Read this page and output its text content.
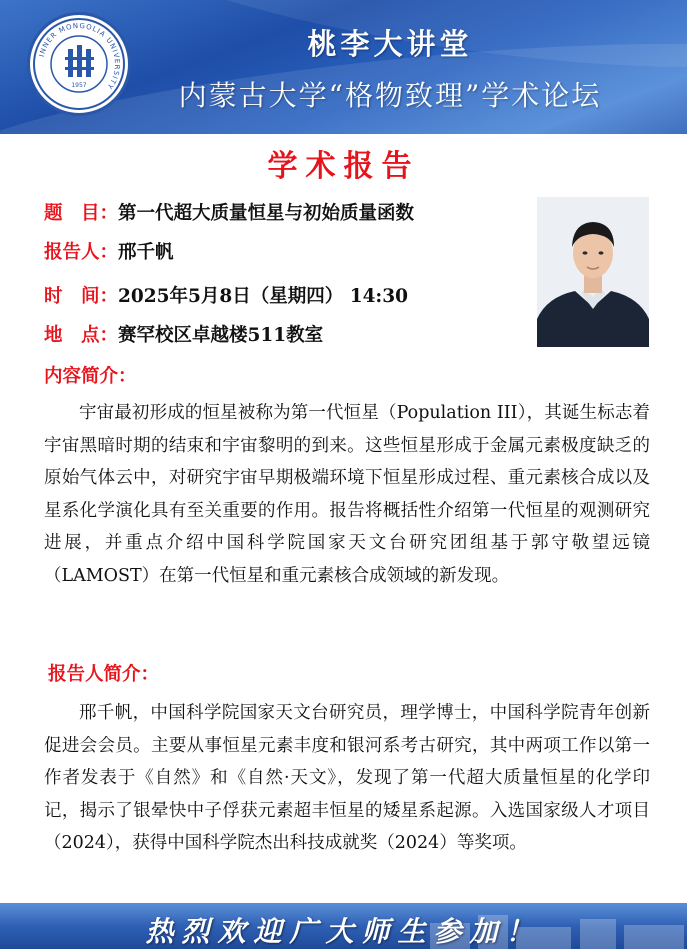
INNER MONGOLIA UNIVERSITY
1957
桃李大讲堂
内蒙古大学“格物致理”学术论坛
学术报告
题　目：第一代超大质量恒星与初始质量函数
报告人：邢千帆
时　间：2025年5月8日（星期四） 14:30
地　点：赛罕校区卓越楼511教室
内容简介：
宇宙最初形成的恒星被称为第一代恒星（Population III），其诞生标志着宇宙黑暗时期的结束和宇宙黎明的到来。这些恒星形成于金属元素极度缺乏的原始气体云中，对研究宇宙早期极端环境下恒星形成过程、重元素核合成以及星系化学演化具有至关重要的作用。报告将概括性介绍第一代恒星的观测研究进展，并重点介绍中国科学院国家天文台研究团组基于郭守敬望远镜（LAMOST）在第一代恒星和重元素核合成领域的新发现。
报告人简介：
邢千帆，中国科学院国家天文台研究员，理学博士，中国科学院青年创新促进会会员。主要从事恒星元素丰度和银河系考古研究，其中两项工作以第一作者发表于《自然》和《自然·天文》，发现了第一代超大质量恒星的化学印记，揭示了银晕快中子俘获元素超丰恒星的矮星系起源。入选国家级人才项目（2024），获得中国科学院杰出科技成就奖（2024）等奖项。
热烈欢迎广大师生参加！
